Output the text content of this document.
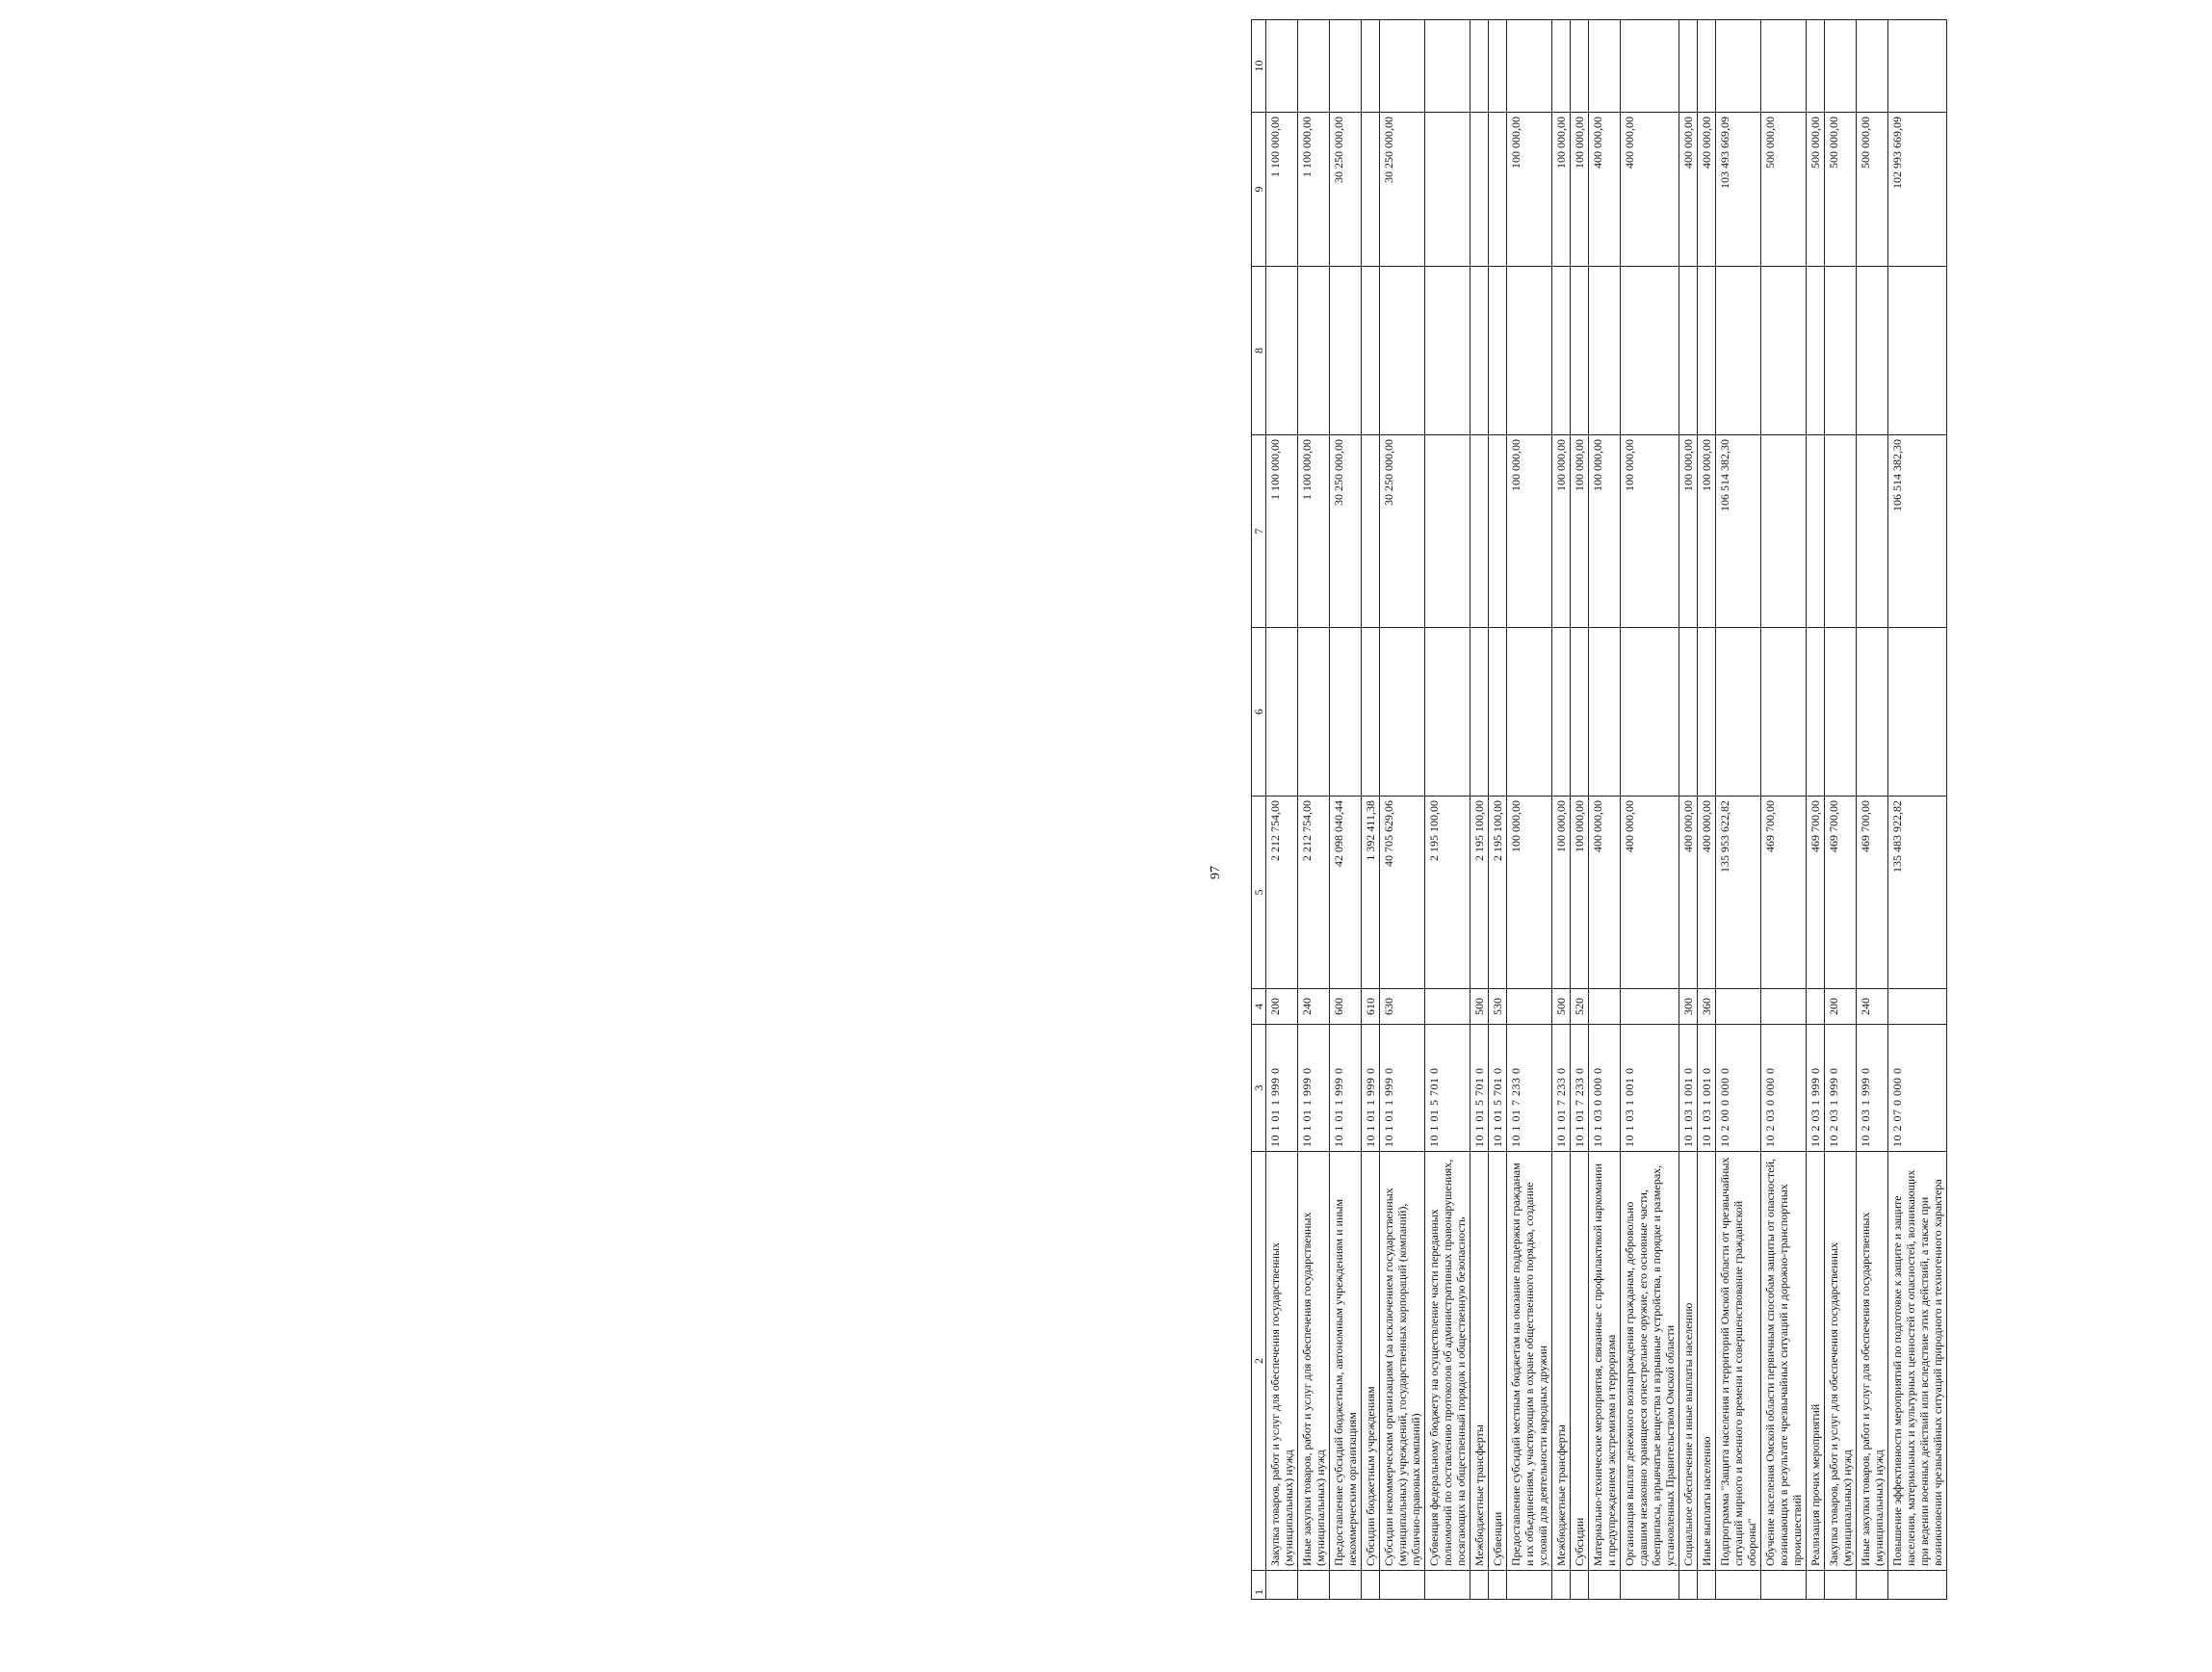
97
1	2	3	4	5	6	7	8	9	10
	Закупка товаров, работ и услуг для обеспечения государственных (муниципальных) нужд	10 1 01 1 999 0	200	2 212 754,00		1 100 000,00		1 100 000,00	
	Иные закупки товаров, работ и услуг для обеспечения государственных (муниципальных) нужд	10 1 01 1 999 0	240	2 212 754,00		1 100 000,00		1 100 000,00	
	Предоставление субсидий бюджетным, автономным учреждениям и иным некоммерческим организациям	10 1 01 1 999 0	600	42 098 040,44		30 250 000,00		30 250 000,00	
	Субсидии бюджетным учреждениям	10 1 01 1 999 0	610	1 392 411,38					
	Субсидии некоммерческим организациям (за исключением государственных (муниципальных) учреждений, государственных корпораций (компаний), публично-правовых компаний)	10 1 01 1 999 0	630	40 705 629,06		30 250 000,00		30 250 000,00	
	Субвенция федеральному бюджету на осуществление части переданных полномочий по составлению протоколов об административных правонарушениях, посягающих на общественный порядок и общественную безопасность	10 1 01 5 701 0		2 195 100,00					
	Межбюджетные трансферты	10 1 01 5 701 0	500	2 195 100,00					
	Субвенции	10 1 01 5 701 0	530	2 195 100,00					
	Предоставление субсидий местным бюджетам на оказание поддержки гражданам и их объединениям, участвующим в охране общественного порядка, создание условий для деятельности народных дружин	10 1 01 7 233 0		100 000,00		100 000,00		100 000,00	
	Межбюджетные трансферты	10 1 01 7 233 0	500	100 000,00		100 000,00		100 000,00	
	Субсидии	10 1 01 7 233 0	520	100 000,00		100 000,00		100 000,00	
	Материально-технические мероприятия, связанные с профилактикой наркомании и предупреждением экстремизма и терроризма	10 1 03 0 000 0		400 000,00		100 000,00		400 000,00	
	Организация выплат денежного вознаграждения гражданам, добровольно сдавшим незаконно хранящееся огнестрельное оружие, его основные части, боеприпасы, взрывчатые вещества и взрывные устройства, в порядке и размерах, установленных Правительством Омской области	10 1 03 1 001 0		400 000,00		100 000,00		400 000,00	
	Социальное обеспечение и иные выплаты населению	10 1 03 1 001 0	300	400 000,00		100 000,00		400 000,00	
	Иные выплаты населению	10 1 03 1 001 0	360	400 000,00		100 000,00		400 000,00	
	Подпрограмма "Защита населения и территорий Омской области от чрезвычайных ситуаций мирного и военного времени и совершенствование гражданской обороны"	10 2 00 0 000 0		135 953 622,82		106 514 382,30		103 493 669,09	
	Обучение населения Омской области первичным способам защиты от опасностей, возникающих в результате чрезвычайных ситуаций и дорожно-транспортных происшествий	10 2 03 0 000 0		469 700,00				500 000,00	
	Реализация прочих мероприятий	10 2 03 1 999 0		469 700,00				500 000,00	
	Закупка товаров, работ и услуг для обеспечения государственных (муниципальных) нужд	10 2 03 1 999 0	200	469 700,00				500 000,00	
	Иные закупки товаров, работ и услуг для обеспечения государственных (муниципальных) нужд	10 2 03 1 999 0	240	469 700,00				500 000,00	
	Повышение эффективности мероприятий по подготовке к защите и защите населения, материальных и культурных ценностей от опасностей, возникающих при ведении военных действий или вследствие этих действий, а также при возникновении чрезвычайных ситуаций природного и техногенного характера	10 2 07 0 000 0		135 483 922,82		106 514 382,30		102 993 669,09	
